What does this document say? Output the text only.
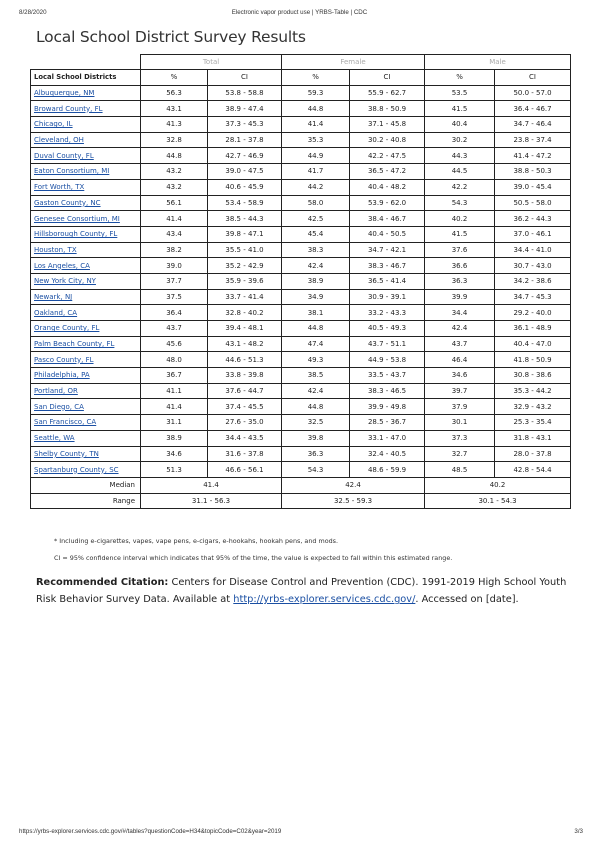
8/28/2020	Electronic vapor product use | YRBS-Table | CDC
Local School District Survey Results
	Total		Female		Male	
Local School Districts	%	CI	%	CI	%	CI
Albuquerque, NM	56.3	53.8 - 58.8	59.3	55.9 - 62.7	53.5	50.0 - 57.0
Broward County, FL	43.1	38.9 - 47.4	44.8	38.8 - 50.9	41.5	36.4 - 46.7
Chicago, IL	41.3	37.3 - 45.3	41.4	37.1 - 45.8	40.4	34.7 - 46.4
Cleveland, OH	32.8	28.1 - 37.8	35.3	30.2 - 40.8	30.2	23.8 - 37.4
Duval County, FL	44.8	42.7 - 46.9	44.9	42.2 - 47.5	44.3	41.4 - 47.2
Eaton Consortium, MI	43.2	39.0 - 47.5	41.7	36.5 - 47.2	44.5	38.8 - 50.3
Fort Worth, TX	43.2	40.6 - 45.9	44.2	40.4 - 48.2	42.2	39.0 - 45.4
Gaston County, NC	56.1	53.4 - 58.9	58.0	53.9 - 62.0	54.3	50.5 - 58.0
Genesee Consortium, MI	41.4	38.5 - 44.3	42.5	38.4 - 46.7	40.2	36.2 - 44.3
Hillsborough County, FL	43.4	39.8 - 47.1	45.4	40.4 - 50.5	41.5	37.0 - 46.1
Houston, TX	38.2	35.5 - 41.0	38.3	34.7 - 42.1	37.6	34.4 - 41.0
Los Angeles, CA	39.0	35.2 - 42.9	42.4	38.3 - 46.7	36.6	30.7 - 43.0
New York City, NY	37.7	35.9 - 39.6	38.9	36.5 - 41.4	36.3	34.2 - 38.6
Newark, NJ	37.5	33.7 - 41.4	34.9	30.9 - 39.1	39.9	34.7 - 45.3
Oakland, CA	36.4	32.8 - 40.2	38.1	33.2 - 43.3	34.4	29.2 - 40.0
Orange County, FL	43.7	39.4 - 48.1	44.8	40.5 - 49.3	42.4	36.1 - 48.9
Palm Beach County, FL	45.6	43.1 - 48.2	47.4	43.7 - 51.1	43.7	40.4 - 47.0
Pasco County, FL	48.0	44.6 - 51.3	49.3	44.9 - 53.8	46.4	41.8 - 50.9
Philadelphia, PA	36.7	33.8 - 39.8	38.5	33.5 - 43.7	34.6	30.8 - 38.6
Portland, OR	41.1	37.6 - 44.7	42.4	38.3 - 46.5	39.7	35.3 - 44.2
San Diego, CA	41.4	37.4 - 45.5	44.8	39.9 - 49.8	37.9	32.9 - 43.2
San Francisco, CA	31.1	27.6 - 35.0	32.5	28.5 - 36.7	30.1	25.3 - 35.4
Seattle, WA	38.9	34.4 - 43.5	39.8	33.1 - 47.0	37.3	31.8 - 43.1
Shelby County, TN	34.6	31.6 - 37.8	36.3	32.4 - 40.5	32.7	28.0 - 37.8
Spartanburg County, SC	51.3	46.6 - 56.1	54.3	48.6 - 59.9	48.5	42.8 - 54.4
Median	41.4		42.4		40.2	
Range	31.1 - 56.3		32.5 - 59.3		30.1 - 54.3	
* Including e-cigarettes, vapes, vape pens, e-cigars, e-hookahs, hookah pens, and mods.
CI = 95% confidence interval which indicates that 95% of the time, the value is expected to fall within this estimated range.
Recommended Citation: Centers for Disease Control and Prevention (CDC). 1991-2019 High School Youth Risk Behavior Survey Data. Available at http://yrbs-explorer.services.cdc.gov/. Accessed on [date].
https://yrbs-explorer.services.cdc.gov/#/tables?questionCode=H34&topicCode=C02&year=2019	3/3
